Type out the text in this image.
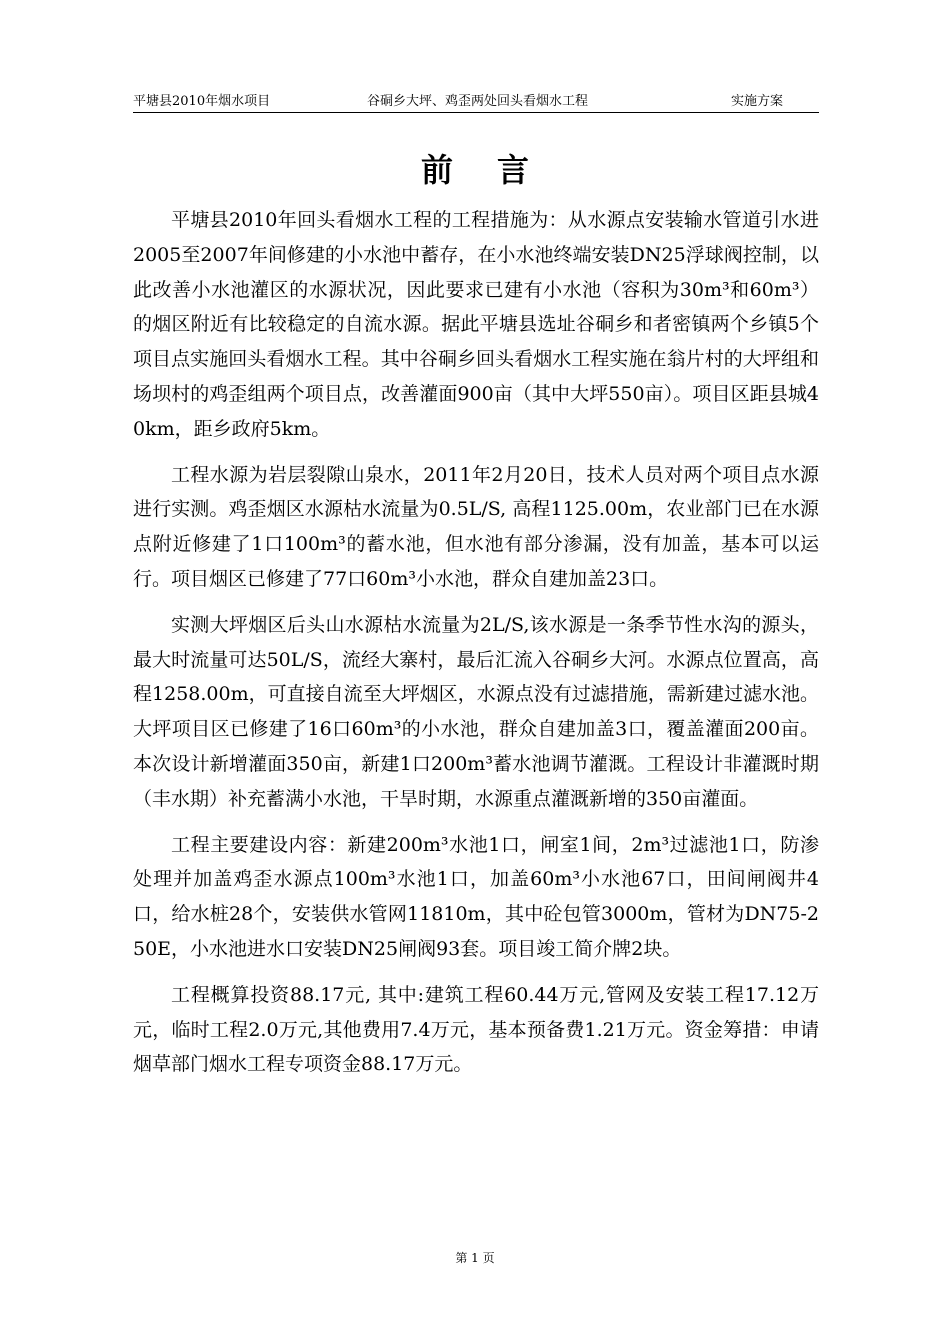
平塘县2010年烟水项目	谷硐乡大坪、鸡歪两处回头看烟水工程	实施方案
前言

平塘县2010年回头看烟水工程的工程措施为：从水源点安装输水管道引水进2005至2007年间修建的小水池中蓄存，在小水池终端安装DN25浮球阀控制，以此改善小水池灌区的水源状况，因此要求已建有小水池（容积为30m³和60m³）的烟区附近有比较稳定的自流水源。据此平塘县选址谷硐乡和者密镇两个乡镇5个项目点实施回头看烟水工程。其中谷硐乡回头看烟水工程实施在翁片村的大坪组和场坝村的鸡歪组两个项目点，改善灌面900亩（其中大坪550亩）。项目区距县城40km，距乡政府5km。

工程水源为岩层裂隙山泉水，2011年2月20日，技术人员对两个项目点水源进行实测。鸡歪烟区水源枯水流量为0.5L/S, 高程1125.00m，农业部门已在水源点附近修建了1口100m³的蓄水池，但水池有部分渗漏，没有加盖，基本可以运行。项目烟区已修建了77口60m³小水池，群众自建加盖23口。

实测大坪烟区后头山水源枯水流量为2L/S,该水源是一条季节性水沟的源头，最大时流量可达50L/S，流经大寨村，最后汇流入谷硐乡大河。水源点位置高，高程1258.00m，可直接自流至大坪烟区，水源点没有过滤措施，需新建过滤水池。大坪项目区已修建了16口60m³的小水池，群众自建加盖3口，覆盖灌面200亩。本次设计新增灌面350亩，新建1口200m³蓄水池调节灌溉。工程设计非灌溉时期（丰水期）补充蓄满小水池，干旱时期，水源重点灌溉新增的350亩灌面。

工程主要建设内容：新建200m³水池1口，闸室1间，2m³过滤池1口，防渗处理并加盖鸡歪水源点100m³水池1口，加盖60m³小水池67口，田间闸阀井4口，给水桩28个，安装供水管网11810m，其中砼包管3000m，管材为DN75-250E，小水池进水口安装DN25闸阀93套。项目竣工简介牌2块。

工程概算投资88.17元, 其中:建筑工程60.44万元,管网及安装工程17.12万元，临时工程2.0万元,其他费用7.4万元，基本预备费1.21万元。资金筹措：申请烟草部门烟水工程专项资金88.17万元。

第 1 页
